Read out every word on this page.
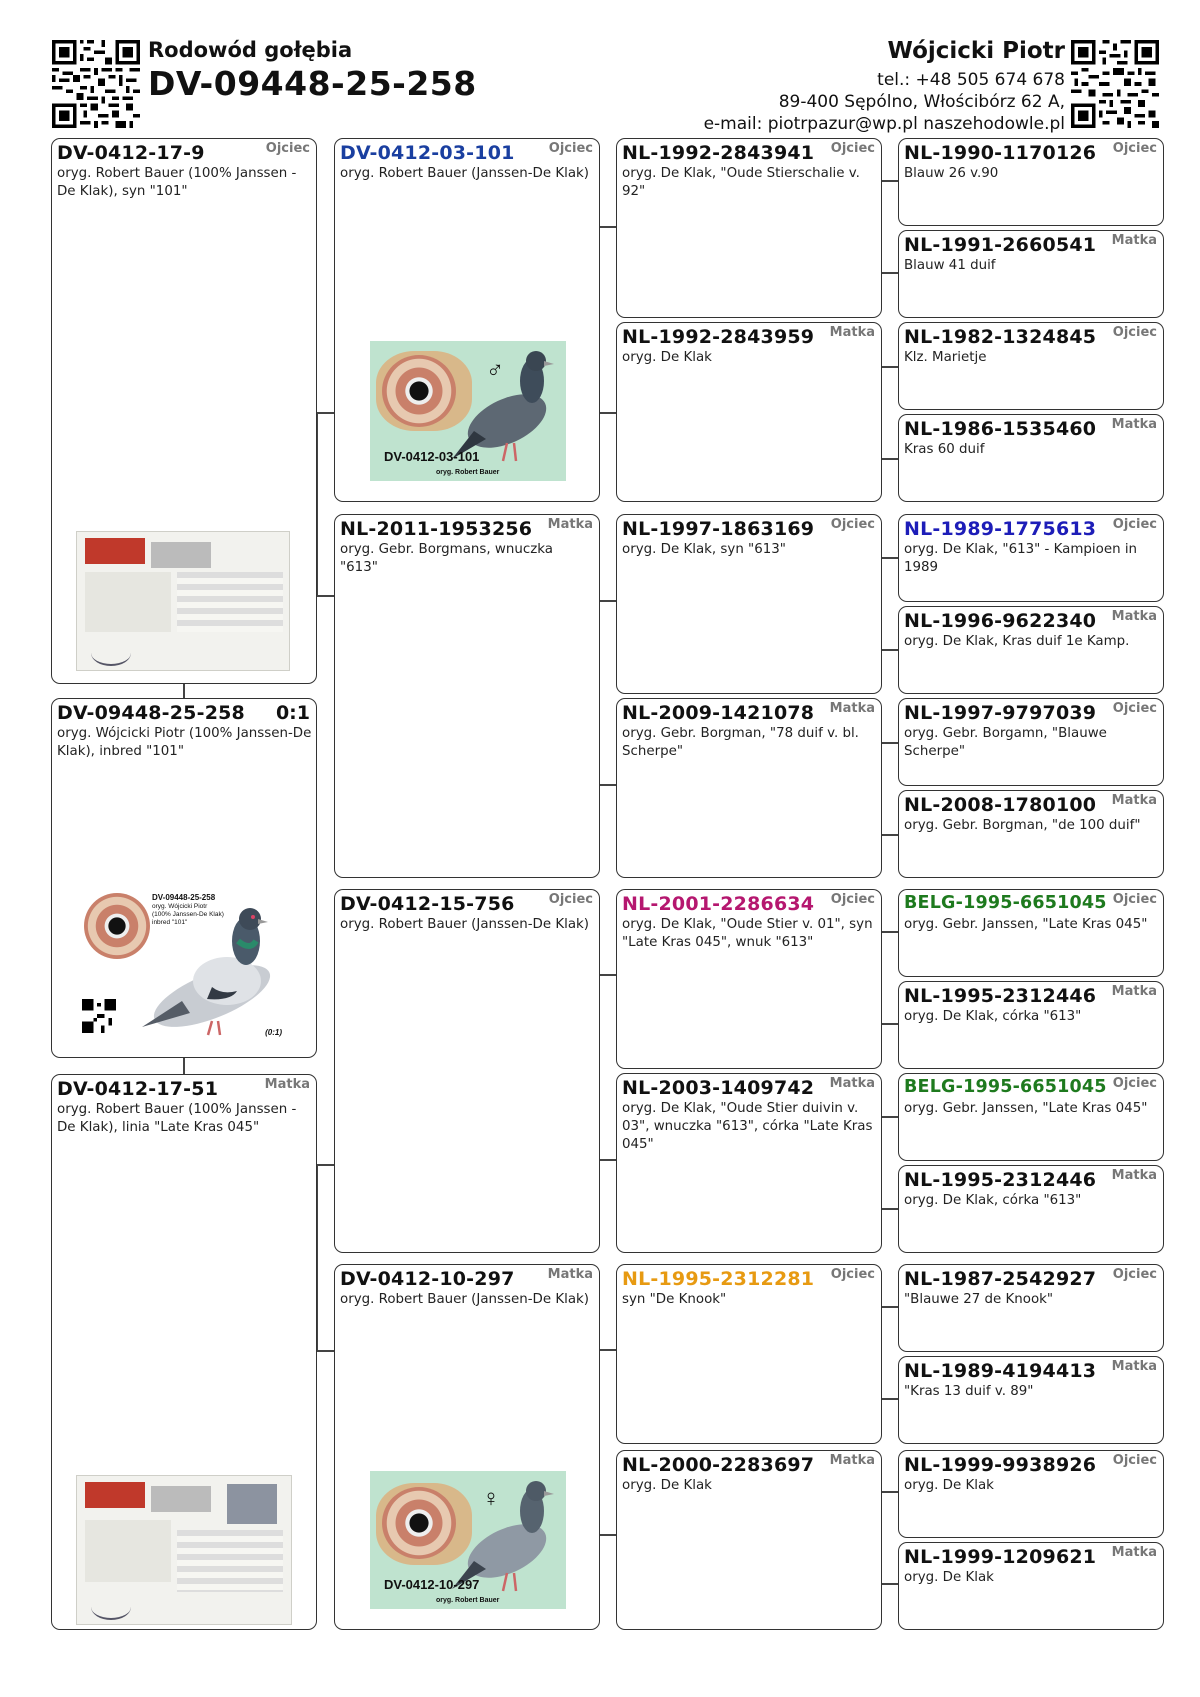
Rodowód gołębia
DV-09448-25-258
Wójcicki Piotr
tel.: +48 505 674 678
89-400 Sępólno, Włościbórz 62 A,
e-mail: piotrpazur@wp.pl naszehodowle.pl
DV-0412-17-9	Ojciec
oryg. Robert Bauer (100% Janssen - De Klak), syn "101"
DV-09448-25-258 0:1
oryg. Wójcicki Piotr (100% Janssen-De Klak), inbred "101"
DV-09448-25-258
oryg. Wójcicki Piotr
(100% Janssen-De Klak)
inbred "101"
(0:1)
DV-0412-17-51	Matka
oryg. Robert Bauer (100% Janssen - De Klak), linia "Late Kras 045"
DV-0412-03-101	Ojciec
oryg. Robert Bauer (Janssen-De Klak)
♂
DV-0412-03-101
oryg. Robert Bauer
NL-2011-1953256 Matka
oryg. Gebr. Borgmans, wnuczka "613"
DV-0412-15-756	Ojciec
oryg. Robert Bauer (Janssen-De Klak)
DV-0412-10-297	Matka
oryg. Robert Bauer (Janssen-De Klak)
♀
DV-0412-10-297
oryg. Robert Bauer
NL-1992-2843941 Ojciec
oryg. De Klak, "Oude Stierschalie v. 92"
NL-1992-2843959 Matka
oryg. De Klak
NL-1997-1863169 Ojciec
oryg. De Klak, syn "613"
NL-2009-1421078 Matka
oryg. Gebr. Borgman, "78 duif v. bl. Scherpe"
NL-2001-2286634 Ojciec
oryg. De Klak, "Oude Stier v. 01", syn "Late Kras 045", wnuk "613"
NL-2003-1409742 Matka
oryg. De Klak, "Oude Stier duivin v. 03", wnuczka "613", córka "Late Kras 045"
NL-1995-2312281 Ojciec
syn "De Knook"
NL-2000-2283697 Matka
oryg. De Klak
NL-1990-1170126 Ojciec
Blauw 26 v.90
NL-1991-2660541 Matka
Blauw 41 duif
NL-1982-1324845 Ojciec
Klz. Marietje
NL-1986-1535460 Matka
Kras 60 duif
NL-1989-1775613 Ojciec
oryg. De Klak, "613" - Kampioen in 1989
NL-1996-9622340 Matka
oryg. De Klak, Kras duif 1e Kamp.
NL-1997-9797039 Ojciec
oryg. Gebr. Borgamn, "Blauwe Scherpe"
NL-2008-1780100 Matka
oryg. Gebr. Borgman, "de 100 duif"
BELG-1995-6651045 Ojciec
oryg. Gebr. Janssen, "Late Kras 045"
NL-1995-2312446 Matka
oryg. De Klak, córka "613"
BELG-1995-6651045 Ojciec
oryg. Gebr. Janssen, "Late Kras 045"
NL-1995-2312446 Matka
oryg. De Klak, córka "613"
NL-1987-2542927 Ojciec
"Blauwe 27 de Knook"
NL-1989-4194413 Matka
"Kras 13 duif v. 89"
NL-1999-9938926 Ojciec
oryg. De Klak
NL-1999-1209621 Matka
oryg. De Klak
